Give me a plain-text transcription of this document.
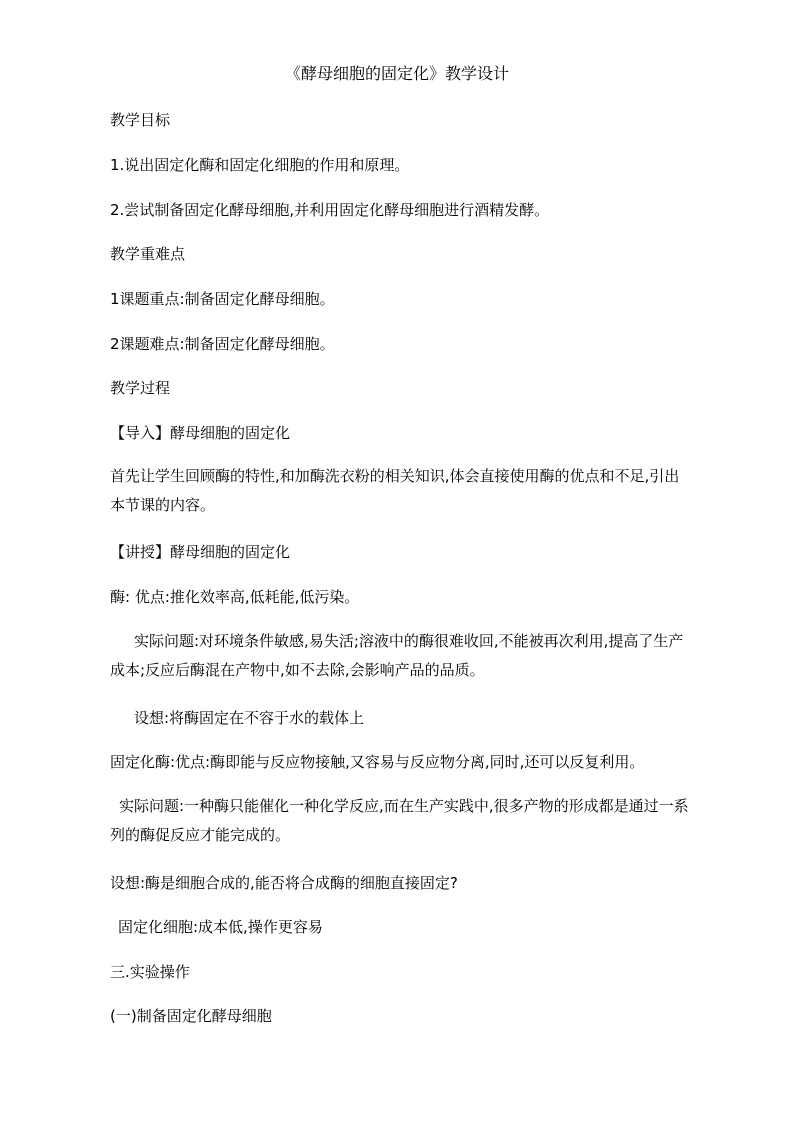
《酵母细胞的固定化》教学设计
教学目标
1.说出固定化酶和固定化细胞的作用和原理。
2.尝试制备固定化酵母细胞,并利用固定化酵母细胞进行酒精发酵。
教学重难点
1课题重点:制备固定化酵母细胞。
2课题难点:制备固定化酵母细胞。
教学过程
【导入】酵母细胞的固定化
首先让学生回顾酶的特性,和加酶洗衣粉的相关知识,体会直接使用酶的优点和不足,引出本节课的内容。
【讲授】酵母细胞的固定化
酶: 优点:推化效率高,低耗能,低污染。
实际问题:对环境条件敏感,易失活;溶液中的酶很难收回,不能被再次利用,提高了生产成本;反应后酶混在产物中,如不去除,会影响产品的品质。
设想:将酶固定在不容于水的载体上
固定化酶:优点:酶即能与反应物接触,又容易与反应物分离,同时,还可以反复利用。
实际问题:一种酶只能催化一种化学反应,而在生产实践中,很多产物的形成都是通过一系列的酶促反应才能完成的。
设想:酶是细胞合成的,能否将合成酶的细胞直接固定?
固定化细胞:成本低,操作更容易
三.实验操作
(一)制备固定化酵母细胞
